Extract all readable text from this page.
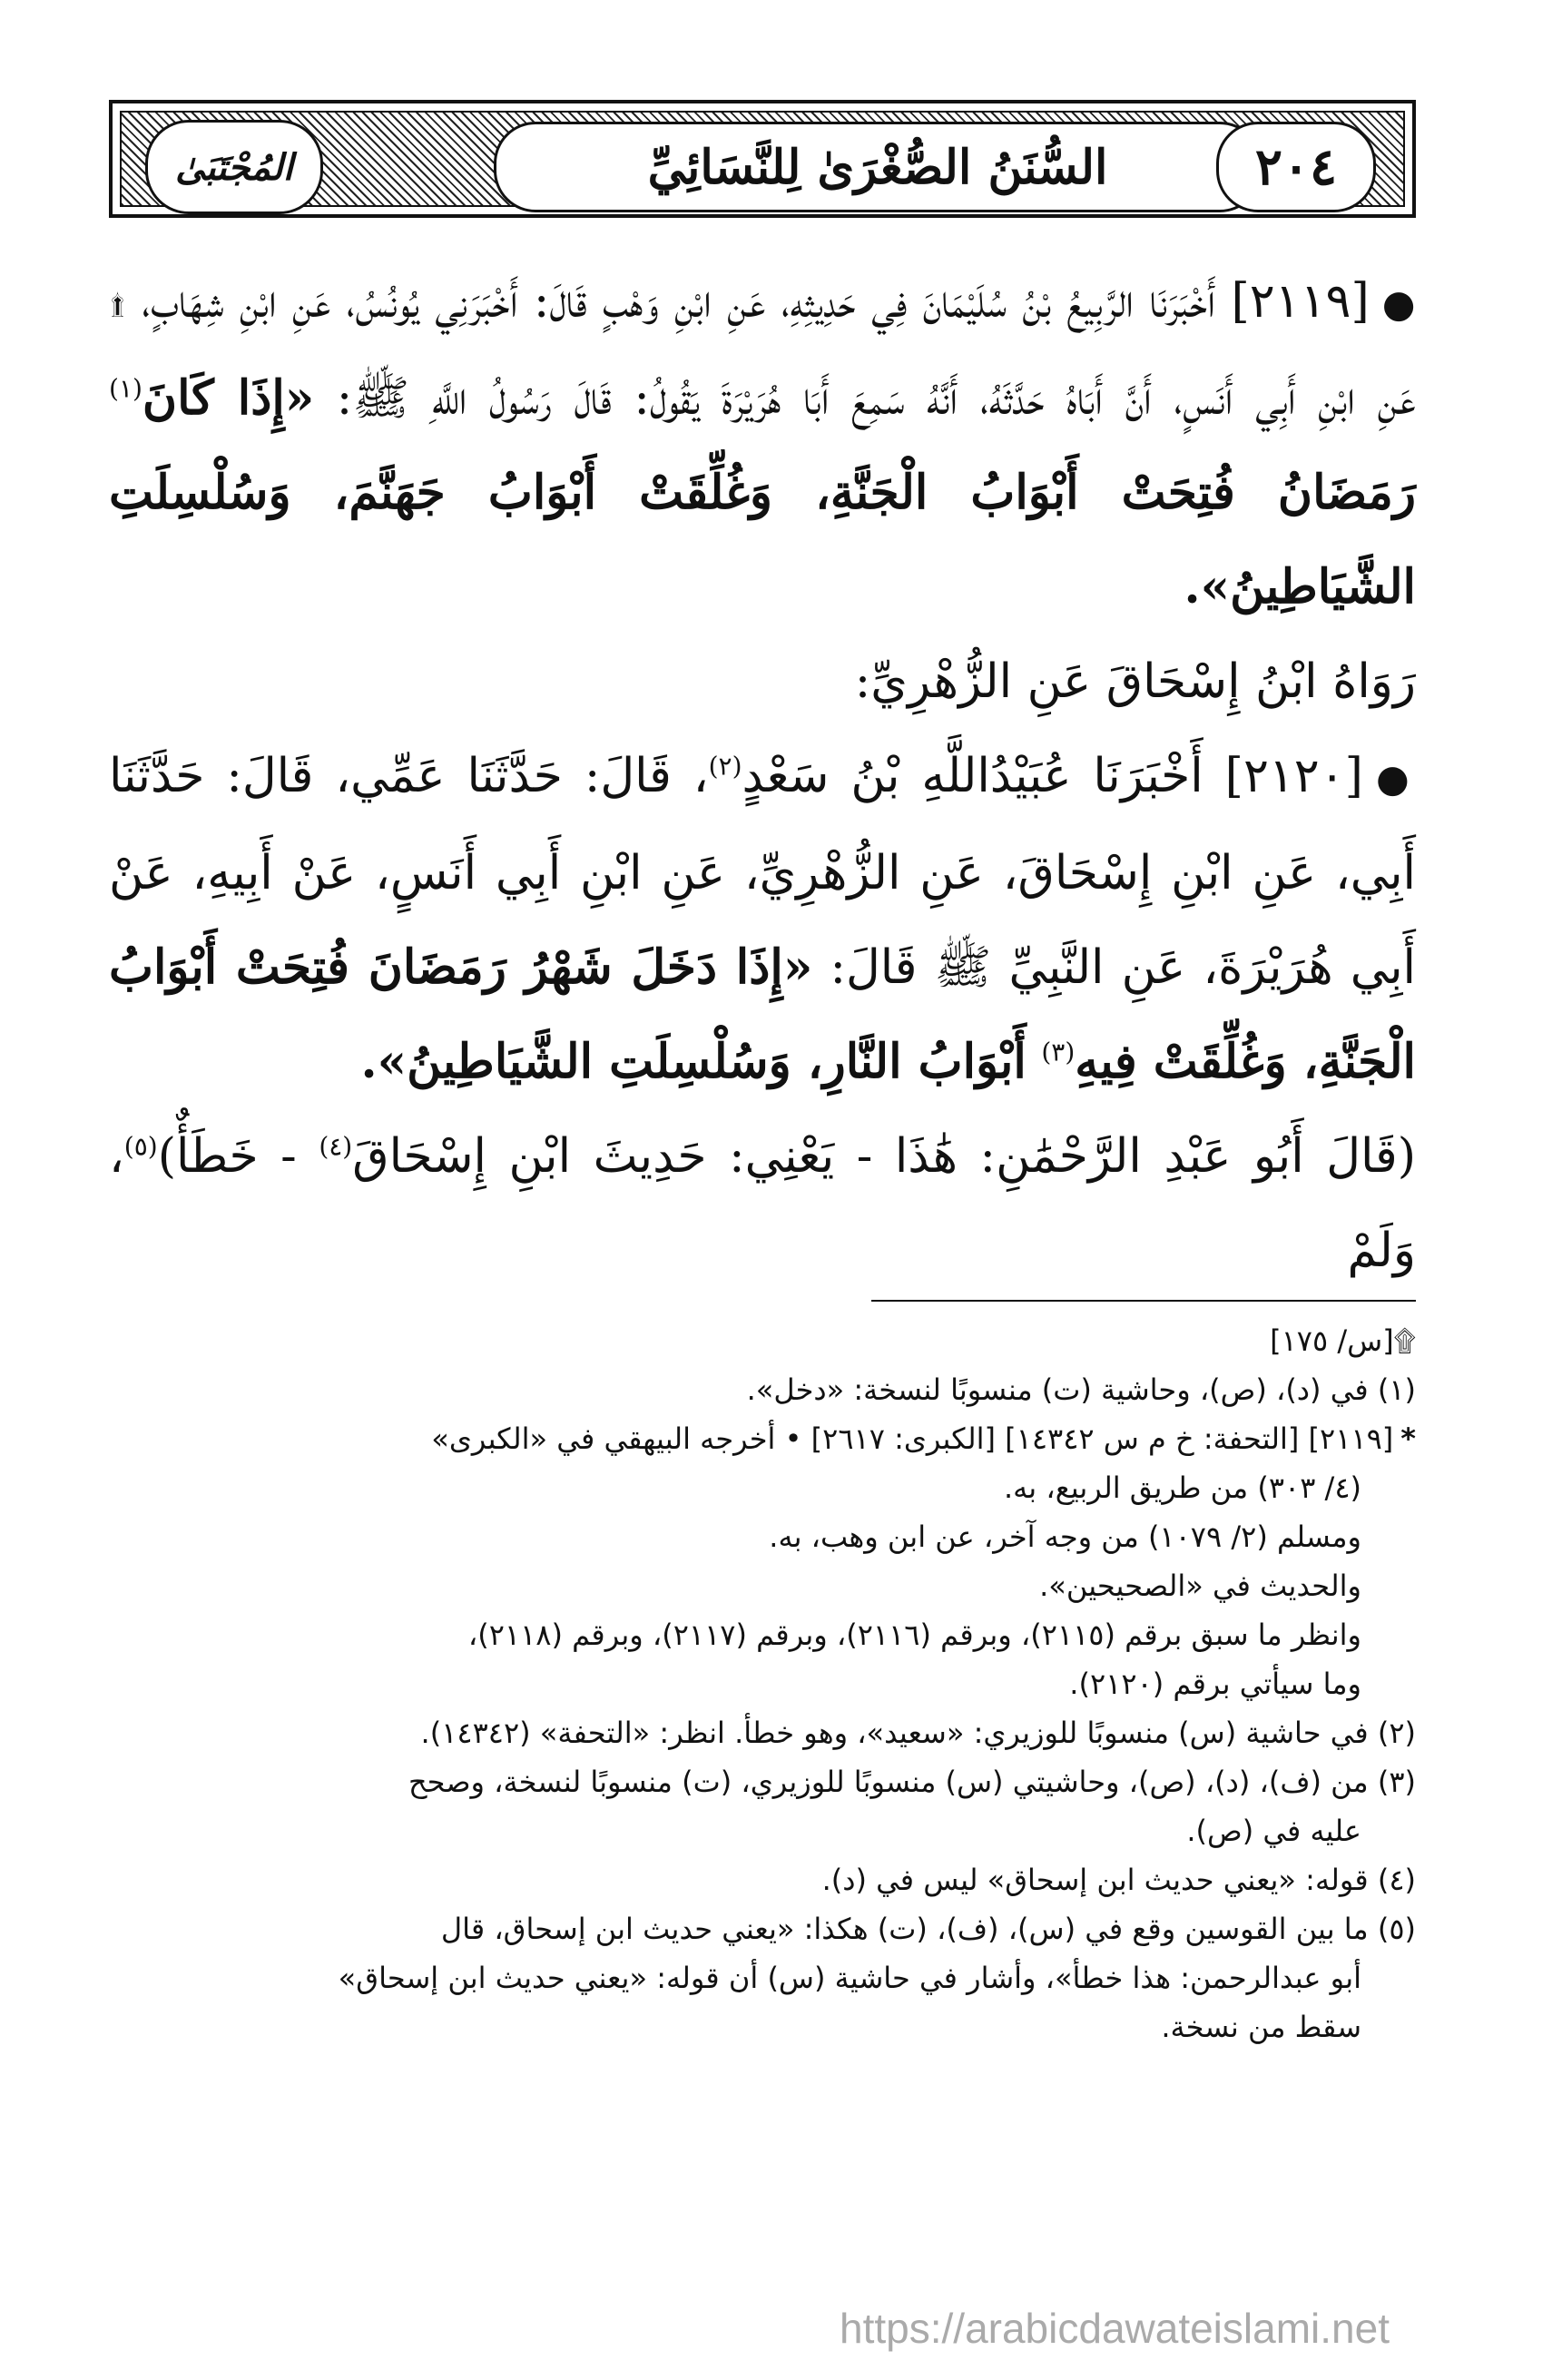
المُجْتَبَىٰ	السُّنَنُ الصُّغْرَىٰ لِلنَّسَائِيِّ	٢٠٤

●[٢١١٩] أَخْبَرَنَا الرَّبِيعُ بْنُ سُلَيْمَانَ فِي حَدِيثِهِ، عَنِ ابْنِ وَهْبٍ قَالَ: أَخْبَرَنِي يُونُسُ، عَنِ ابْنِ شِهَابٍ، ۩ عَنِ ابْنِ أَبِي أَنَسٍ، أَنَّ أَبَاهُ حَدَّثَهُ، أَنَّهُ سَمِعَ أَبَا هُرَيْرَةَ يَقُولُ: قَالَ رَسُولُ اللَّهِ ﷺ: «إِذَا كَانَ$^{(١)}$ رَمَضَانُ فُتِحَتْ أَبْوَابُ الْجَنَّةِ، وَغُلِّقَتْ أَبْوَابُ جَهَنَّمَ، وَسُلْسِلَتِ الشَّيَاطِينُ».

رَوَاهُ ابْنُ إِسْحَاقَ عَنِ الزُّهْرِيِّ:

●[٢١٢٠] أَخْبَرَنَا عُبَيْدُاللَّهِ بْنُ سَعْدٍ$^{(٢)}$، قَالَ: حَدَّثَنَا عَمِّي، قَالَ: حَدَّثَنَا أَبِي، عَنِ ابْنِ إِسْحَاقَ، عَنِ الزُّهْرِيِّ، عَنِ ابْنِ أَبِي أَنَسٍ، عَنْ أَبِيهِ، عَنْ أَبِي هُرَيْرَةَ، عَنِ النَّبِيِّ ﷺ قَالَ: «إِذَا دَخَلَ شَهْرُ رَمَضَانَ فُتِحَتْ أَبْوَابُ الْجَنَّةِ، وَغُلِّقَتْ فِيهِ$^{(٣)}$ أَبْوَابُ النَّارِ، وَسُلْسِلَتِ الشَّيَاطِينُ».

(قَالَ أَبُو عَبْدِ الرَّحْمَٰنِ: هَٰذَا - يَعْنِي: حَدِيثَ ابْنِ إِسْحَاقَ$^{(٤)}$ - خَطَأٌ)$^{(٥)}$، وَلَمْ

۩[س/ ١٧٥]

(١) في (د)، (ص)، وحاشية (ت) منسوبًا لنسخة: «دخل».

*[٢١١٩] [التحفة: خ م س ١٤٣٤٢] [الكبرى: ٢٦١٧] • أخرجه البيهقي في «الكبرى»

(٤/ ٣٠٣) من طريق الربيع، به.

ومسلم (٢/ ١٠٧٩) من وجه آخر، عن ابن وهب، به.

والحديث في «الصحيحين».

وانظر ما سبق برقم (٢١١٥)، وبرقم (٢١١٦)، وبرقم (٢١١٧)، وبرقم (٢١١٨)،

وما سيأتي برقم (٢١٢٠).

(٢) في حاشية (س) منسوبًا للوزيري: «سعيد»، وهو خطأ. انظر: «التحفة» (١٤٣٤٢).

(٣) من (ف)، (د)، (ص)، وحاشيتي (س) منسوبًا للوزيري، (ت) منسوبًا لنسخة، وصحح

عليه في (ص).

(٤) قوله: «يعني حديث ابن إسحاق» ليس في (د).

(٥) ما بين القوسين وقع في (س)، (ف)، (ت) هكذا: «يعني حديث ابن إسحاق، قال

أبو عبدالرحمن: هذا خطأ»، وأشار في حاشية (س) أن قوله: «يعني حديث ابن إسحاق»

سقط من نسخة.

https://arabicdawateislami.net
